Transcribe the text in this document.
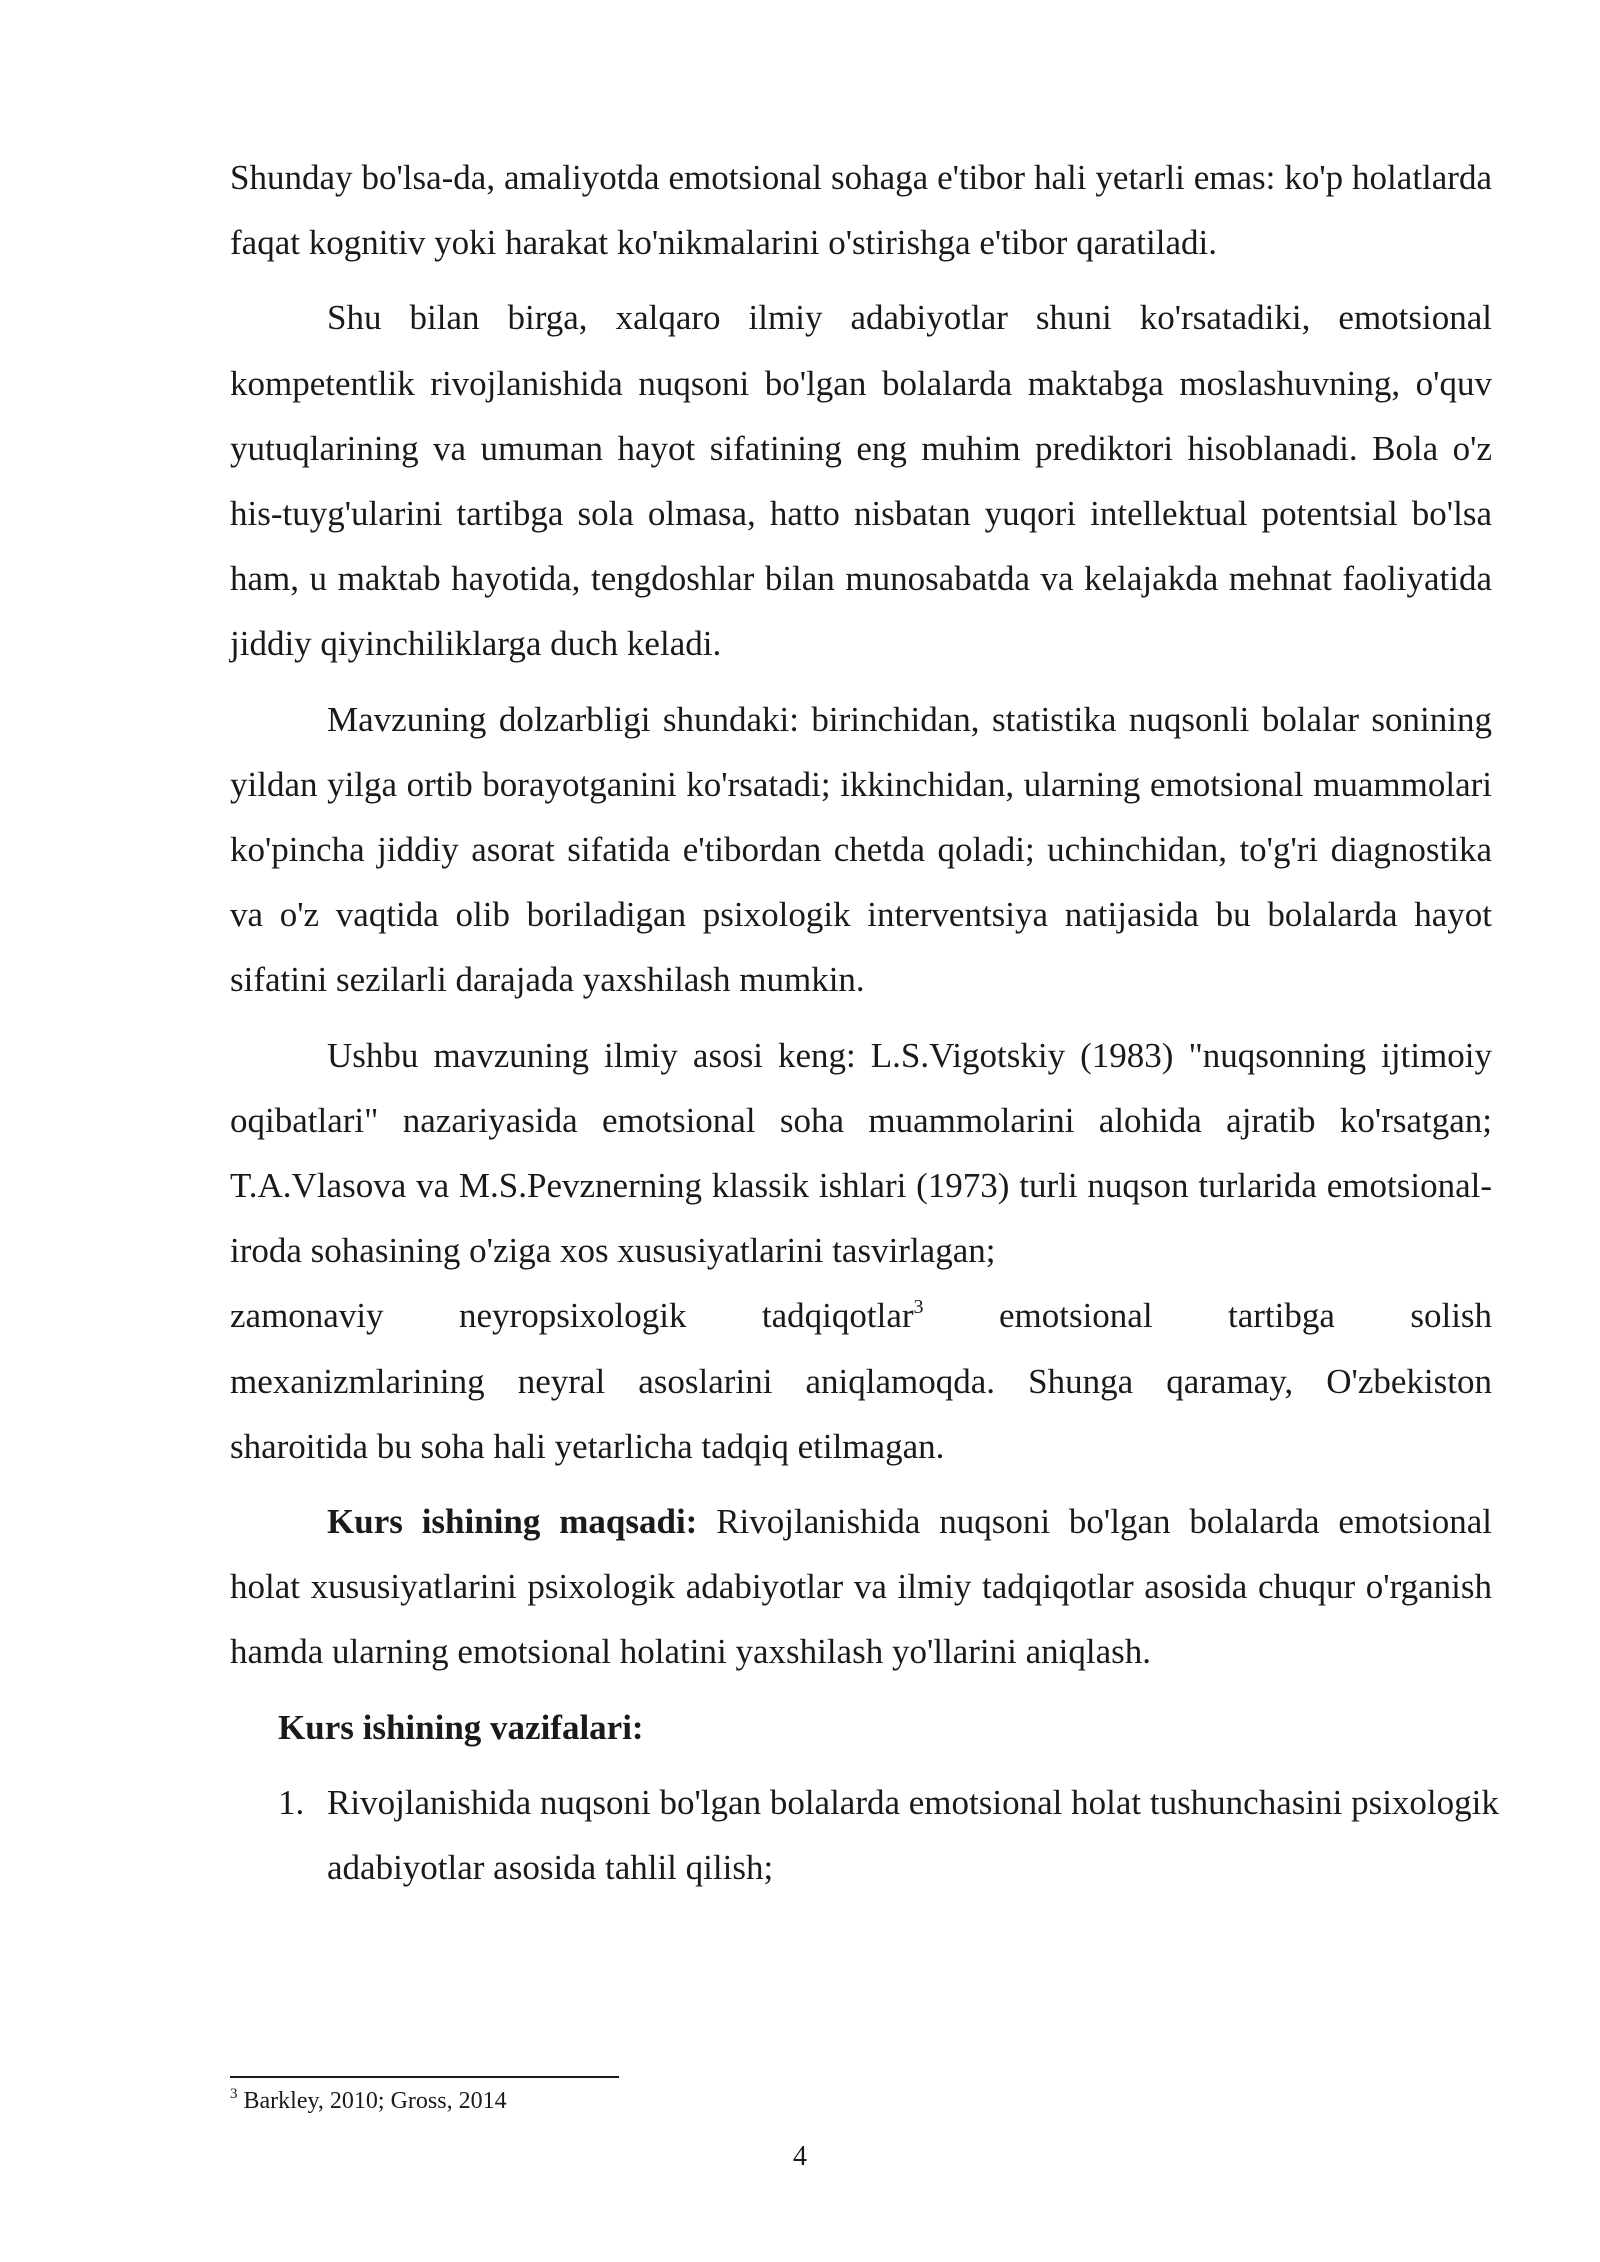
Shunday bo'lsa-da, amaliyotda emotsional sohaga e'tibor hali yetarli emas: ko'p holatlarda faqat kognitiv yoki harakat ko'nikmalarini o'stirishga e'tibor qaratiladi.

Shu bilan birga, xalqaro ilmiy adabiyotlar shuni ko'rsatadiki, emotsional kompetentlik rivojlanishida nuqsoni bo'lgan bolalarda maktabga moslashuvning, o'quv yutuqlarining va umuman hayot sifatining eng muhim prediktori hisoblanadi. Bola o'z his-tuyg'ularini tartibga sola olmasa, hatto nisbatan yuqori intellektual potentsial bo'lsa ham, u maktab hayotida, tengdoshlar bilan munosabatda va kelajakda mehnat faoliyatida jiddiy qiyinchiliklarga duch keladi.

Mavzuning dolzarbligi shundaki: birinchidan, statistika nuqsonli bolalar sonining yildan yilga ortib borayotganini ko'rsatadi; ikkinchidan, ularning emotsional muammolari ko'pincha jiddiy asorat sifatida e'tibordan chetda qoladi; uchinchidan, to'g'ri diagnostika va o'z vaqtida olib boriladigan psixologik interventsiya natijasida bu bolalarda hayot sifatini sezilarli darajada yaxshilash mumkin.

Ushbu mavzuning ilmiy asosi keng: L.S.Vigotskiy (1983) "nuqsonning ijtimoiy oqibatlari" nazariyasida emotsional soha muammolarini alohida ajratib ko'rsatgan; T.A.Vlasova va M.S.Pevznerning klassik ishlari (1973) turli nuqson turlarida emotsional-iroda sohasining o'ziga xos xususiyatlarini tasvirlagan;
zamonaviy neyropsixologik tadqiqotlar$^3$ emotsional tartibga solish
mexanizmlarining neyral asoslarini aniqlamoqda. Shunga qaramay, O'zbekiston sharoitida bu soha hali yetarlicha tadqiq etilmagan.

Kurs ishining maqsadi: Rivojlanishida nuqsoni bo'lgan bolalarda emotsional holat xususiyatlarini psixologik adabiyotlar va ilmiy tadqiqotlar asosida chuqur o'rganish hamda ularning emotsional holatini yaxshilash yo'llarini aniqlash.

Kurs ishining vazifalari:

1. Rivojlanishida nuqsoni bo'lgan bolalarda emotsional holat tushunchasini psixologik adabiyotlar asosida tahlil qilish;
$^3$ Barkley, 2010; Gross, 2014
4
